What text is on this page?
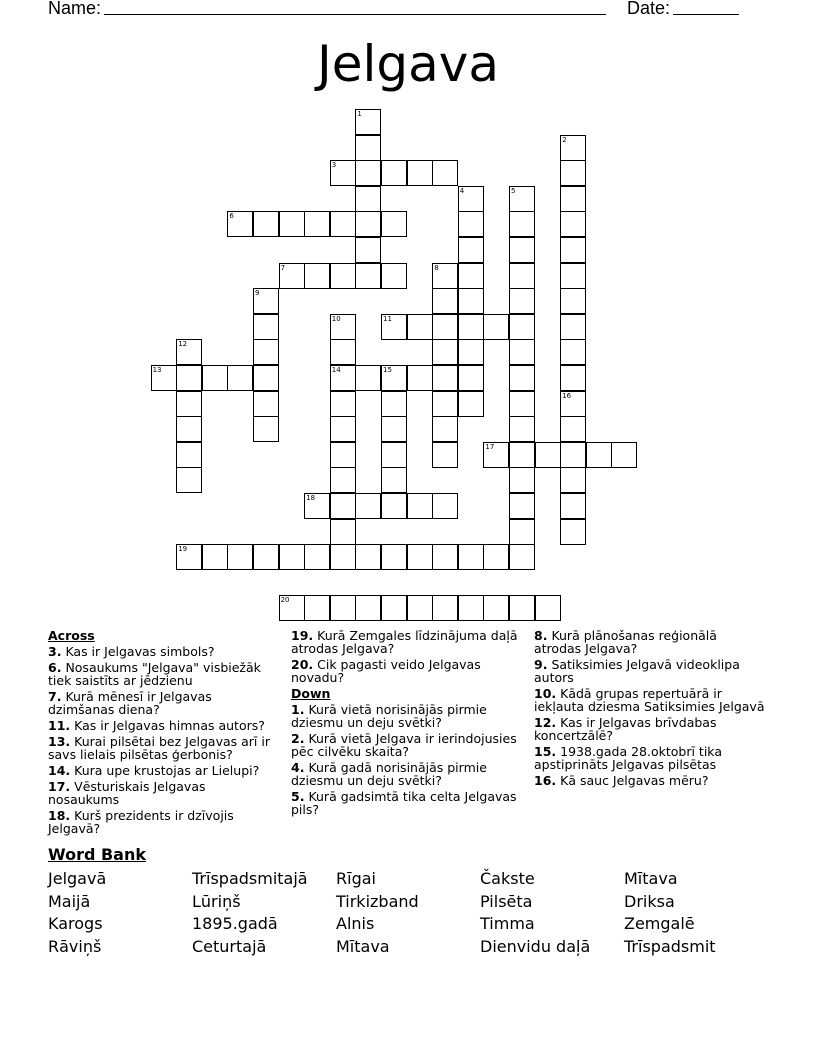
Name:	Date:
Jelgava
1
2
3
4	5
6
7	8
9
10
14
11
12
13	15
16
17
18
19
20
Across
3. Kas ir Jelgavas simbols?
6. Nosaukums "Jelgava" visbiežāk tiek saistīts ar jēdzienu
7. Kurā mēnesī ir Jelgavas dzimšanas diena?
11. Kas ir Jelgavas himnas autors?
13. Kurai pilsētai bez Jelgavas arī ir savs lielais pilsētas ģerbonis?
14. Kura upe krustojas ar Lielupi?
17. Vēsturiskais Jelgavas nosaukums
18. Kurš prezidents ir dzīvojis Jelgavā?
19. Kurā Zemgales līdzinājuma daļā atrodas Jelgava?
20. Cik pagasti veido Jelgavas novadu?
Down
1. Kurā vietā norisinājās pirmie dziesmu un deju svētki?
2. Kurā vietā Jelgava ir ierindojusies pēc cilvēku skaita?
4. Kurā gadā norisinājās pirmie dziesmu un deju svētki?
5. Kurā gadsimtā tika celta Jelgavas pils?
8. Kurā plānošanas reģionālā atrodas Jelgava?
9. Satiksimies Jelgavā videoklipa autors
10. Kādā grupas repertuārā ir iekļauta dziesma Satiksimies Jelgavā
12. Kas ir Jelgavas brīvdabas koncertzālē?
15. 1938.gada 28.oktobrī tika apstiprināts Jelgavas pilsētas
16. Kā sauc Jelgavas mēru?
Word Bank
Jelgavā	Trīspadsmitajā	Rīgai	Čakste	Mītava
Maijā	Lūriņš	Tirkizband	Pilsēta	Driksa
Karogs	1895.gadā	Alnis	Timma	Zemgalē
Rāviņš	Ceturtajā	Mītava	Dienvidu daļā	Trīspadsmit
